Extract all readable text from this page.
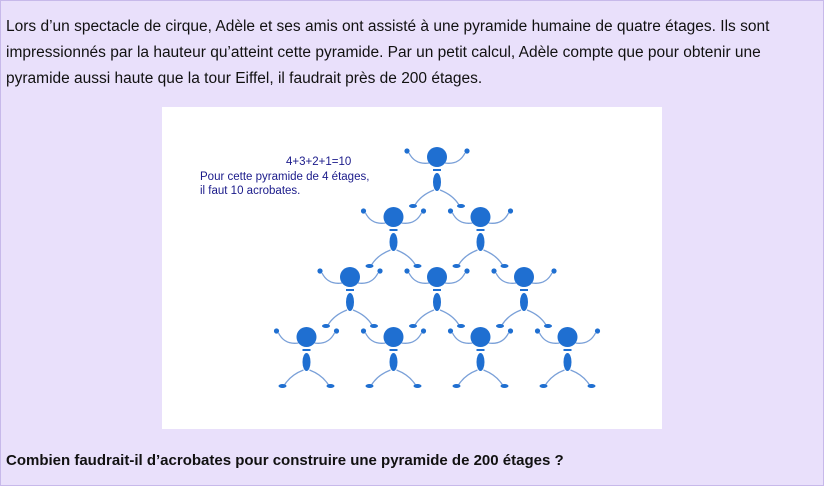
Lors d’un spectacle de cirque, Adèle et ses amis ont assisté à une pyramide humaine de quatre étages. Ils sont impressionnés par la hauteur qu’atteint cette pyramide. Par un petit calcul, Adèle compte que pour obtenir une pyramide aussi haute que la tour Eiffel, il faudrait près de 200 étages.

4+3+2+1=10
Pour cette pyramide de 4 étages,
il faut 10 acrobates.

Combien faudrait-il d’acrobates pour construire une pyramide de 200 étages ?
